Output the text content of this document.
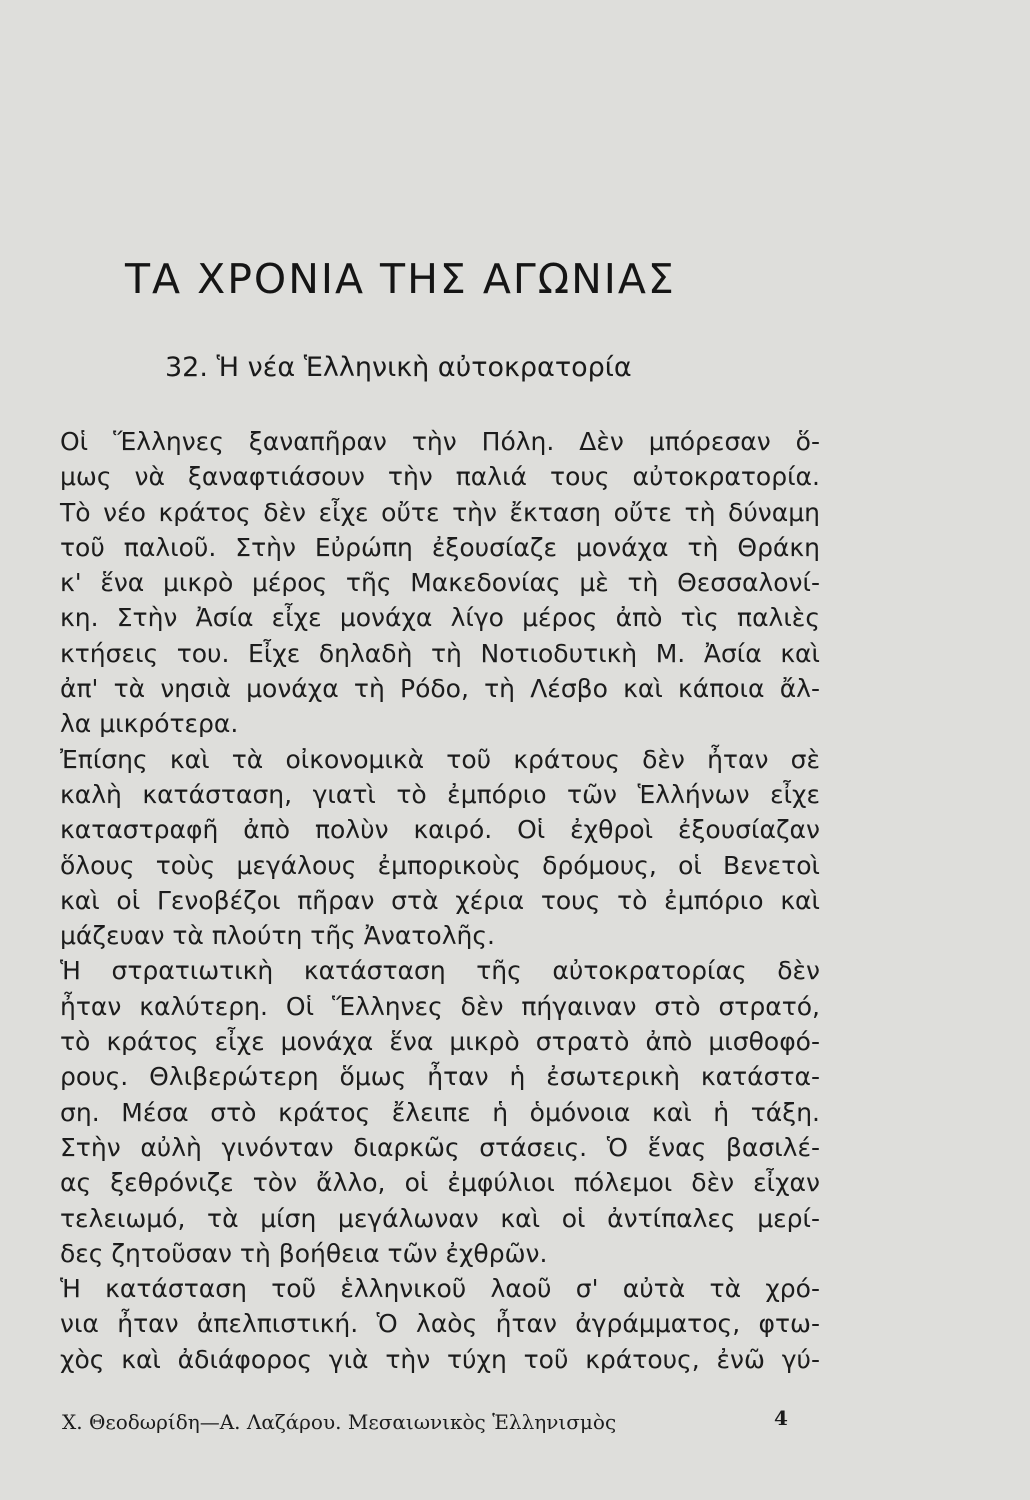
ΤΑ ΧΡΟΝΙΑ ΤΗΣ ΑΓΩΝΙΑΣ
32. Ἡ νέα Ἑλληνικὴ αὐτοκρατορία
Οἱ Ἕλληνες ξαναπῆραν τὴν Πόλη. Δὲν μπόρεσαν ὅ-
μως νὰ ξαναφτιάσουν τὴν παλιά τους αὐτοκρατορία.
Τὸ νέο κράτος δὲν εἶχε οὔτε τὴν ἔκταση οὔτε τὴ δύναμη
τοῦ παλιοῦ. Στὴν Εὐρώπη ἐξουσίαζε μονάχα τὴ Θράκη
κ' ἕνα μικρὸ μέρος τῆς Μακεδονίας μὲ τὴ Θεσσαλονί-
κη. Στὴν Ἀσία εἶχε μονάχα λίγο μέρος ἀπὸ τὶς παλιὲς
κτήσεις του. Εἶχε δηλαδὴ τὴ Νοτιοδυτικὴ Μ. Ἀσία καὶ
ἀπ' τὰ νησιὰ μονάχα τὴ Ρόδο, τὴ Λέσβο καὶ κάποια ἄλ-
λα μικρότερα.
Ἐπίσης καὶ τὰ οἰκονομικὰ τοῦ κράτους δὲν ἦταν σὲ
καλὴ κατάσταση, γιατὶ τὸ ἐμπόριο τῶν Ἑλλήνων εἶχε
καταστραφῆ ἀπὸ πολὺν καιρό. Οἱ ἐχθροὶ ἐξουσίαζαν
ὅλους τοὺς μεγάλους ἐμπορικοὺς δρόμους, οἱ Βενετοὶ
καὶ οἱ Γενοβέζοι πῆραν στὰ χέρια τους τὸ ἐμπόριο καὶ
μάζευαν τὰ πλούτη τῆς Ἀνατολῆς.
Ἡ στρατιωτικὴ κατάσταση τῆς αὐτοκρατορίας δὲν
ἦταν καλύτερη. Οἱ Ἕλληνες δὲν πήγαιναν στὸ στρατό,
τὸ κράτος εἶχε μονάχα ἕνα μικρὸ στρατὸ ἀπὸ μισθοφό-
ρους. Θλιβερώτερη ὅμως ἦταν ἡ ἐσωτερικὴ κατάστα-
ση. Μέσα στὸ κράτος ἔλειπε ἡ ὁμόνοια καὶ ἡ τάξη.
Στὴν αὐλὴ γινόνταν διαρκῶς στάσεις. Ὁ ἕνας βασιλέ-
ας ξεθρόνιζε τὸν ἄλλο, οἱ ἐμφύλιοι πόλεμοι δὲν εἶχαν
τελειωμό, τὰ μίση μεγάλωναν καὶ οἱ ἀντίπαλες μερί-
δες ζητοῦσαν τὴ βοήθεια τῶν ἐχθρῶν.
Ἡ κατάσταση τοῦ ἑλληνικοῦ λαοῦ σ' αὐτὰ τὰ χρό-
νια ἦταν ἀπελπιστική. Ὁ λαὸς ἦταν ἀγράμματος, φτω-
χὸς καὶ ἀδιάφορος γιὰ τὴν τύχη τοῦ κράτους, ἐνῶ γύ-
Χ. Θεοδωρίδη—Α. Λαζάρου. Μεσαιωνικὸς Ἑλληνισμὸς	4
